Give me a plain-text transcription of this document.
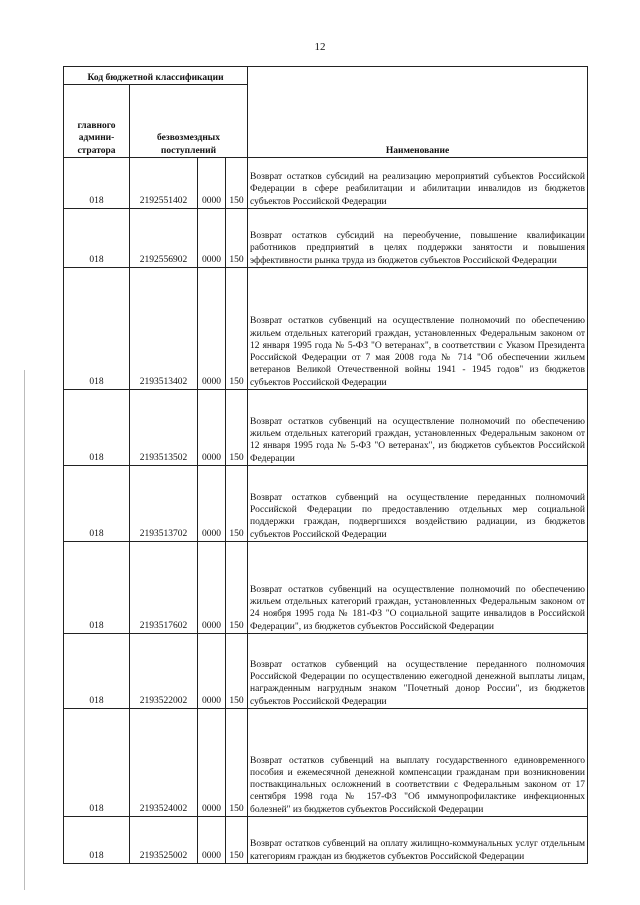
12
Код бюджетной классификации				Наименование
главного админи-стратора	безвозмездных поступлений			
018	2192551402	0000	150	Возврат остатков субсидий на реализацию мероприятий субъектов Российской Федерации в сфере реабилитации и абилитации инвалидов из бюджетов субъектов Российской Федерации
018	2192556902	0000	150	Возврат остатков субсидий на переобучение, повышение квалификации работников предприятий в целях поддержки занятости и повышения эффективности рынка труда из бюджетов субъектов Российской Федерации
018	2193513402	0000	150	Возврат остатков субвенций на осуществление полномочий по обеспечению жильем отдельных категорий граждан, установленных Федеральным законом от 12 января 1995 года № 5-ФЗ "О ветеранах", в соответствии с Указом Президента Российской Федерации от 7 мая 2008 года № 714 "Об обеспечении жильем ветеранов Великой Отечественной войны 1941 - 1945 годов" из бюджетов субъектов Российской Федерации
018	2193513502	0000	150	Возврат остатков субвенций на осуществление полномочий по обеспечению жильем отдельных категорий граждан, установленных Федеральным законом от 12 января 1995 года № 5-ФЗ "О ветеранах", из бюджетов субъектов Российской Федерации
018	2193513702	0000	150	Возврат остатков субвенций на осуществление переданных полномочий Российской Федерации по предоставлению отдельных мер социальной поддержки граждан, подвергшихся воздействию радиации, из бюджетов субъектов Российской Федерации
018	2193517602	0000	150	Возврат остатков субвенций на осуществление полномочий по обеспечению жильем отдельных категорий граждан, установленных Федеральным законом от 24 ноября 1995 года № 181-ФЗ "О социальной защите инвалидов в Российской Федерации", из бюджетов субъектов Российской Федерации
018	2193522002	0000	150	Возврат остатков субвенций на осуществление переданного полномочия Российской Федерации по осуществлению ежегодной денежной выплаты лицам, награжденным нагрудным знаком "Почетный донор России", из бюджетов субъектов Российской Федерации
018	2193524002	0000	150	Возврат остатков субвенций на выплату государственного единовременного пособия и ежемесячной денежной компенсации гражданам при возникновении поствакцинальных осложнений в соответствии с Федеральным законом от 17 сентября 1998 года № 157-ФЗ "Об иммунопрофилактике инфекционных болезней" из бюджетов субъектов Российской Федерации
018	2193525002	0000	150	Возврат остатков субвенций на оплату жилищно-коммунальных услуг отдельным категориям граждан из бюджетов субъектов Российской Федерации
